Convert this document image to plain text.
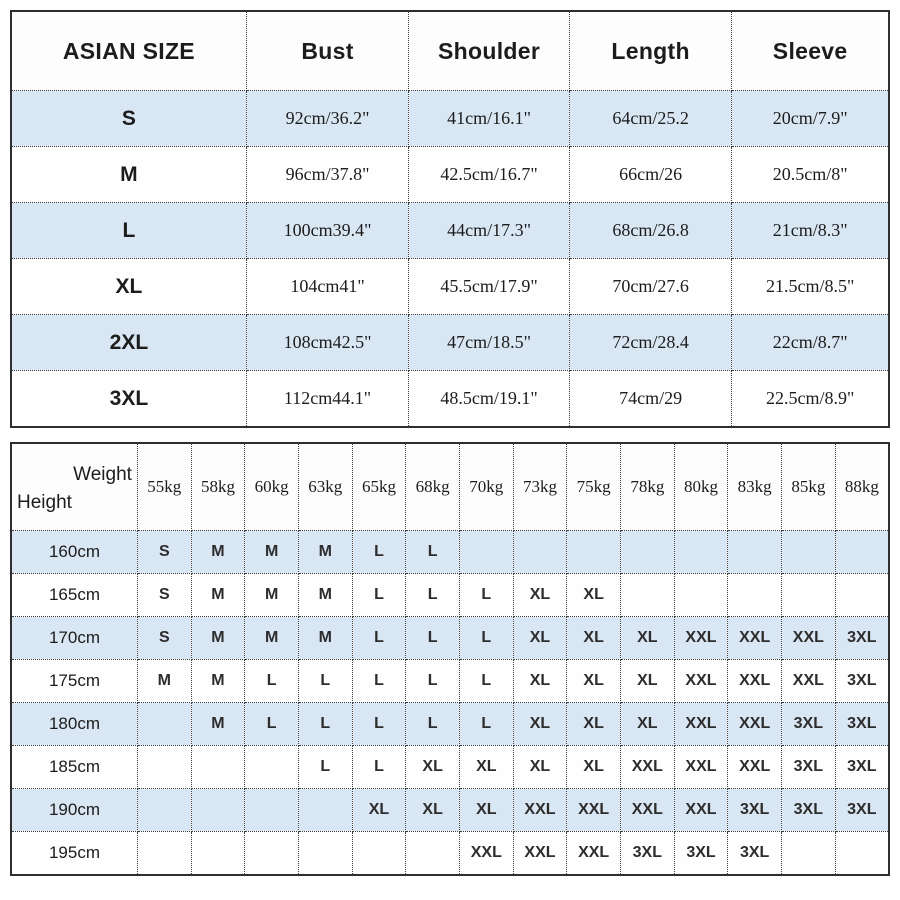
ASIAN SIZE	Bust	Shoulder	Length	Sleeve
S	92cm/36.2"	41cm/16.1"	64cm/25.2	20cm/7.9"
M	96cm/37.8"	42.5cm/16.7"	66cm/26	20.5cm/8"
L	100cm39.4"	44cm/17.3"	68cm/26.8	21cm/8.3"
XL	104cm41"	45.5cm/17.9"	70cm/27.6	21.5cm/8.5"
2XL	108cm42.5"	47cm/18.5"	72cm/28.4	22cm/8.7"
3XL	112cm44.1"	48.5cm/19.1"	74cm/29	22.5cm/8.9"
Weight
Height	55kg	58kg	60kg	63kg	65kg	68kg	70kg	73kg	75kg	78kg	80kg	83kg	85kg	88kg
160cm	S	M	M	M	L	L								
165cm	S	M	M	M	L	L	L	XL	XL					
170cm	S	M	M	M	L	L	L	XL	XL	XL	XXL	XXL	XXL	3XL
175cm	M	M	L	L	L	L	L	XL	XL	XL	XXL	XXL	XXL	3XL
180cm		M	L	L	L	L	L	XL	XL	XL	XXL	XXL	3XL	3XL
185cm				L	L	XL	XL	XL	XL	XXL	XXL	XXL	3XL	3XL
190cm					XL	XL	XL	XXL	XXL	XXL	XXL	3XL	3XL	3XL
195cm							XXL	XXL	XXL	3XL	3XL	3XL		
